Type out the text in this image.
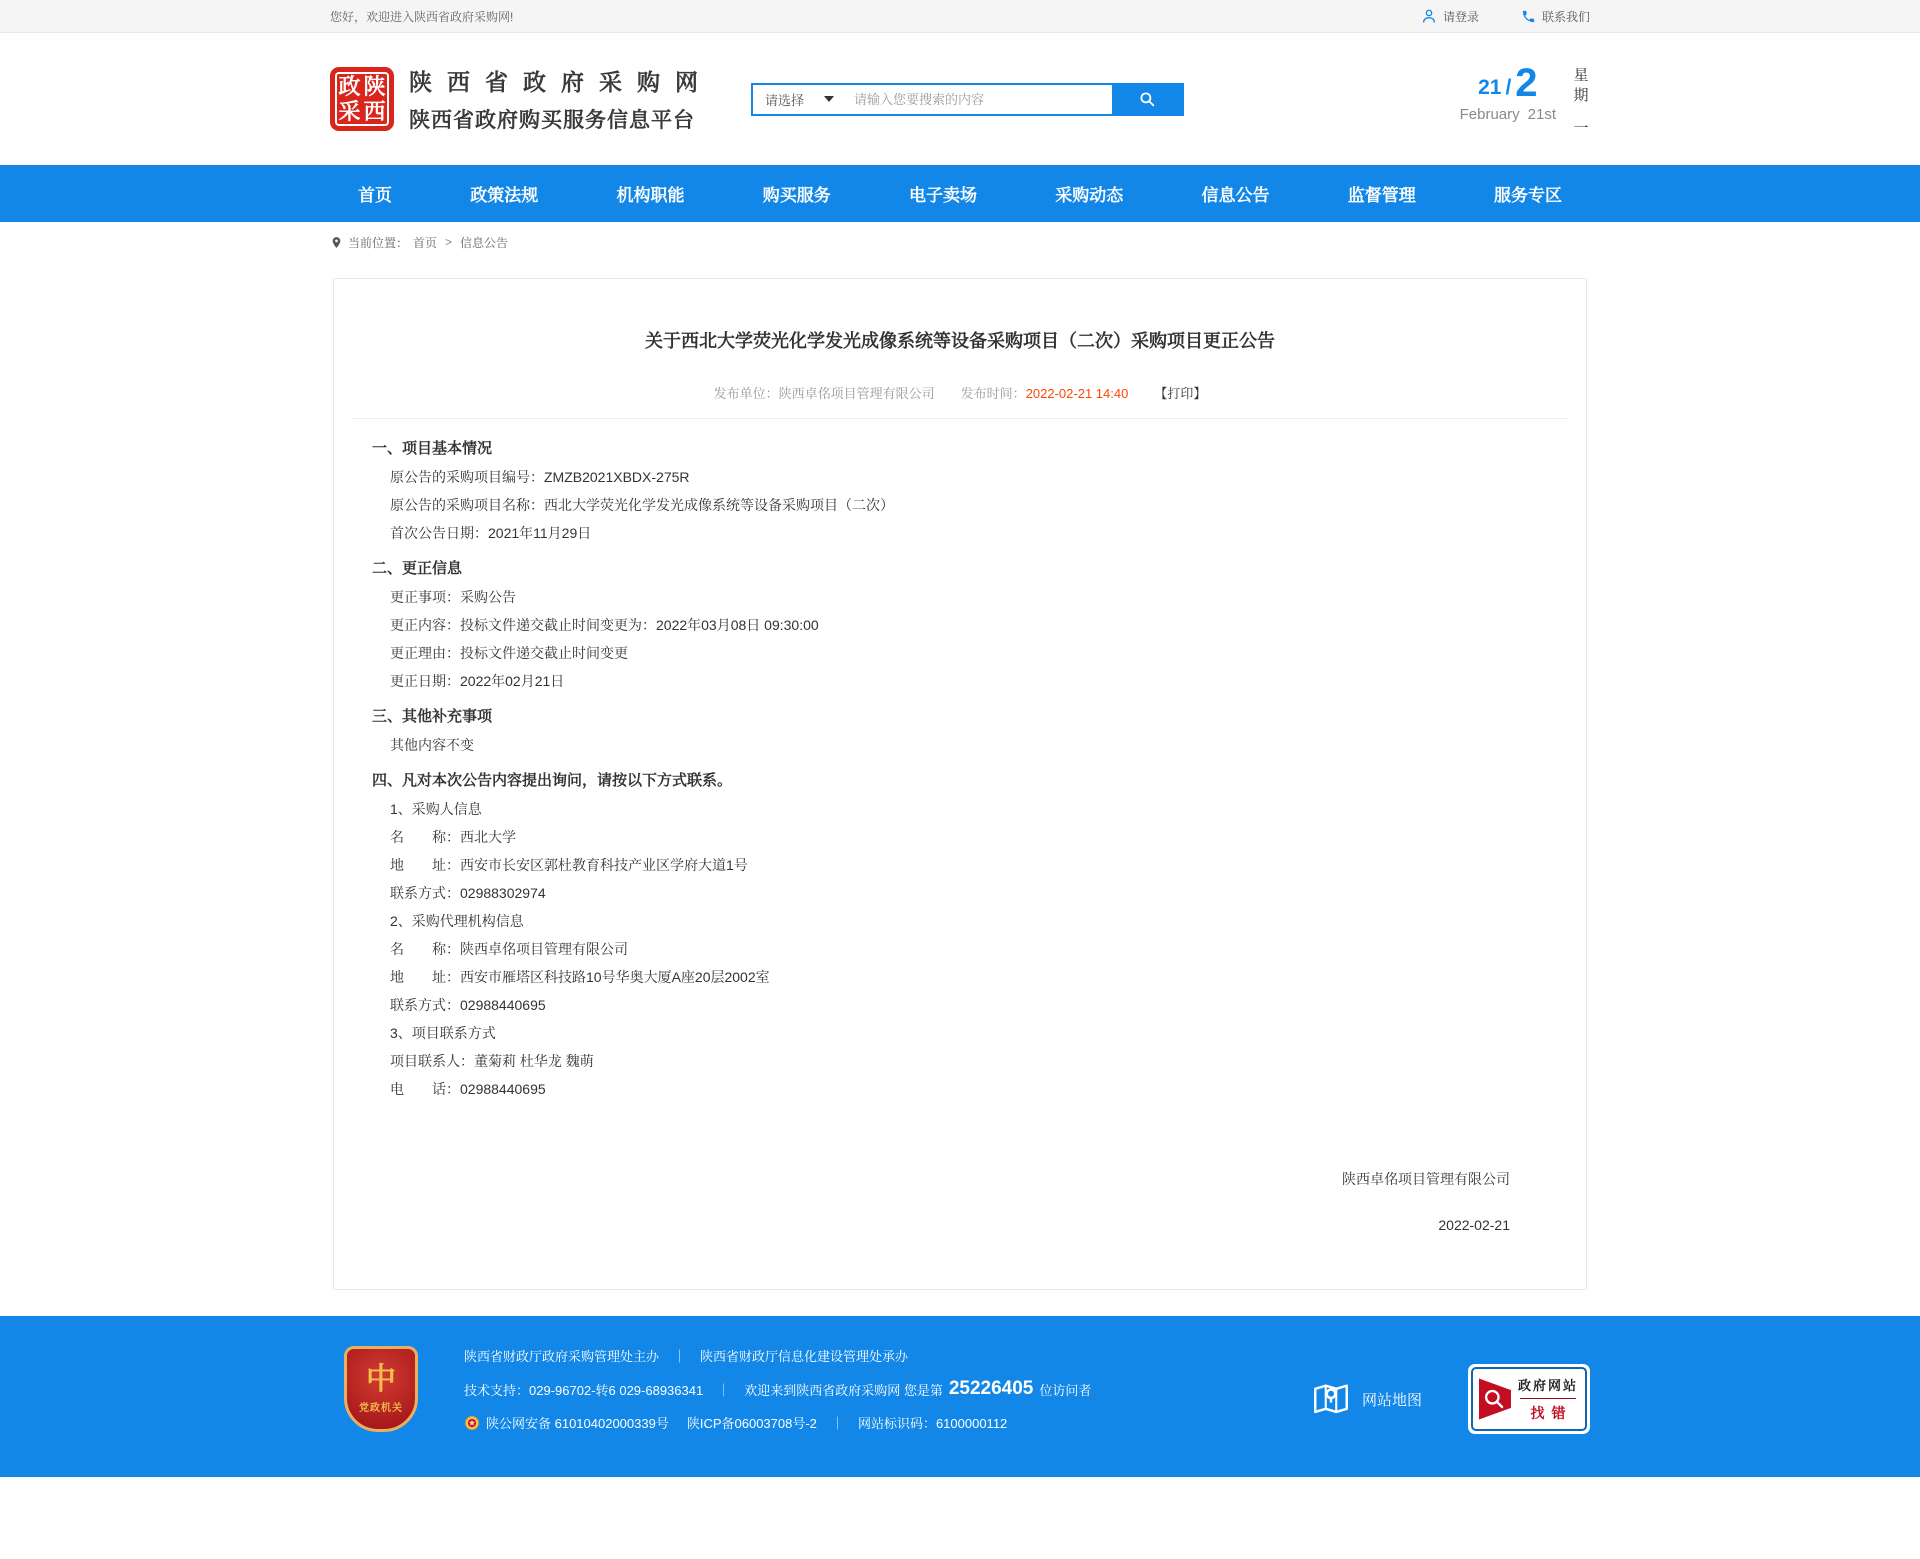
您好，欢迎进入陕西省政府采购网!	请登录	联系我们
政 陕
采 西
陕西省政府采购网
陕西省政府购买服务信息平台
请选择
请输入您要搜索的内容
21 / 2
February 21st
星期
一
首页	政策法规	机构职能	购买服务	电子卖场	采购动态	信息公告	监督管理	服务专区
当前位置： 首页 > 信息公告
关于西北大学荧光化学发光成像系统等设备采购项目（二次）采购项目更正公告
发布单位：陕西卓佲项目管理有限公司 发布时间：2022-02-21 14:40 【打印】
一、项目基本情况
原公告的采购项目编号：ZMZB2021XBDX-275R
原公告的采购项目名称：西北大学荧光化学发光成像系统等设备采购项目（二次）
首次公告日期：2021年11月29日
二、更正信息
更正事项：采购公告
更正内容：投标文件递交截止时间变更为：2022年03月08日 09:30:00
更正理由：投标文件递交截止时间变更
更正日期：2022年02月21日
三、其他补充事项
其他内容不变
四、凡对本次公告内容提出询问，请按以下方式联系。
1、采购人信息
名　　称：西北大学
地　　址：西安市长安区郭杜教育科技产业区学府大道1号
联系方式：02988302974
2、采购代理机构信息
名　　称：陕西卓佲项目管理有限公司
地　　址：西安市雁塔区科技路10号华奥大厦A座20层2002室
联系方式：02988440695
3、项目联系方式
项目联系人：董菊莉 杜华龙 魏萌
电　　话：02988440695
陕西卓佲项目管理有限公司
2022-02-21
中
党政机关
陕西省财政厅政府采购管理处主办 ｜ 陕西省财政厅信息化建设管理处承办
技术支持：029-96702-转6 029-68936341 ｜ 欢迎来到陕西省政府采购网 您是第 25226405 位访问者
陕公网安备 61010402000339号 陕ICP备06003708号-2 ｜ 网站标识码：6100000112
网站地图
政府网站
找错
